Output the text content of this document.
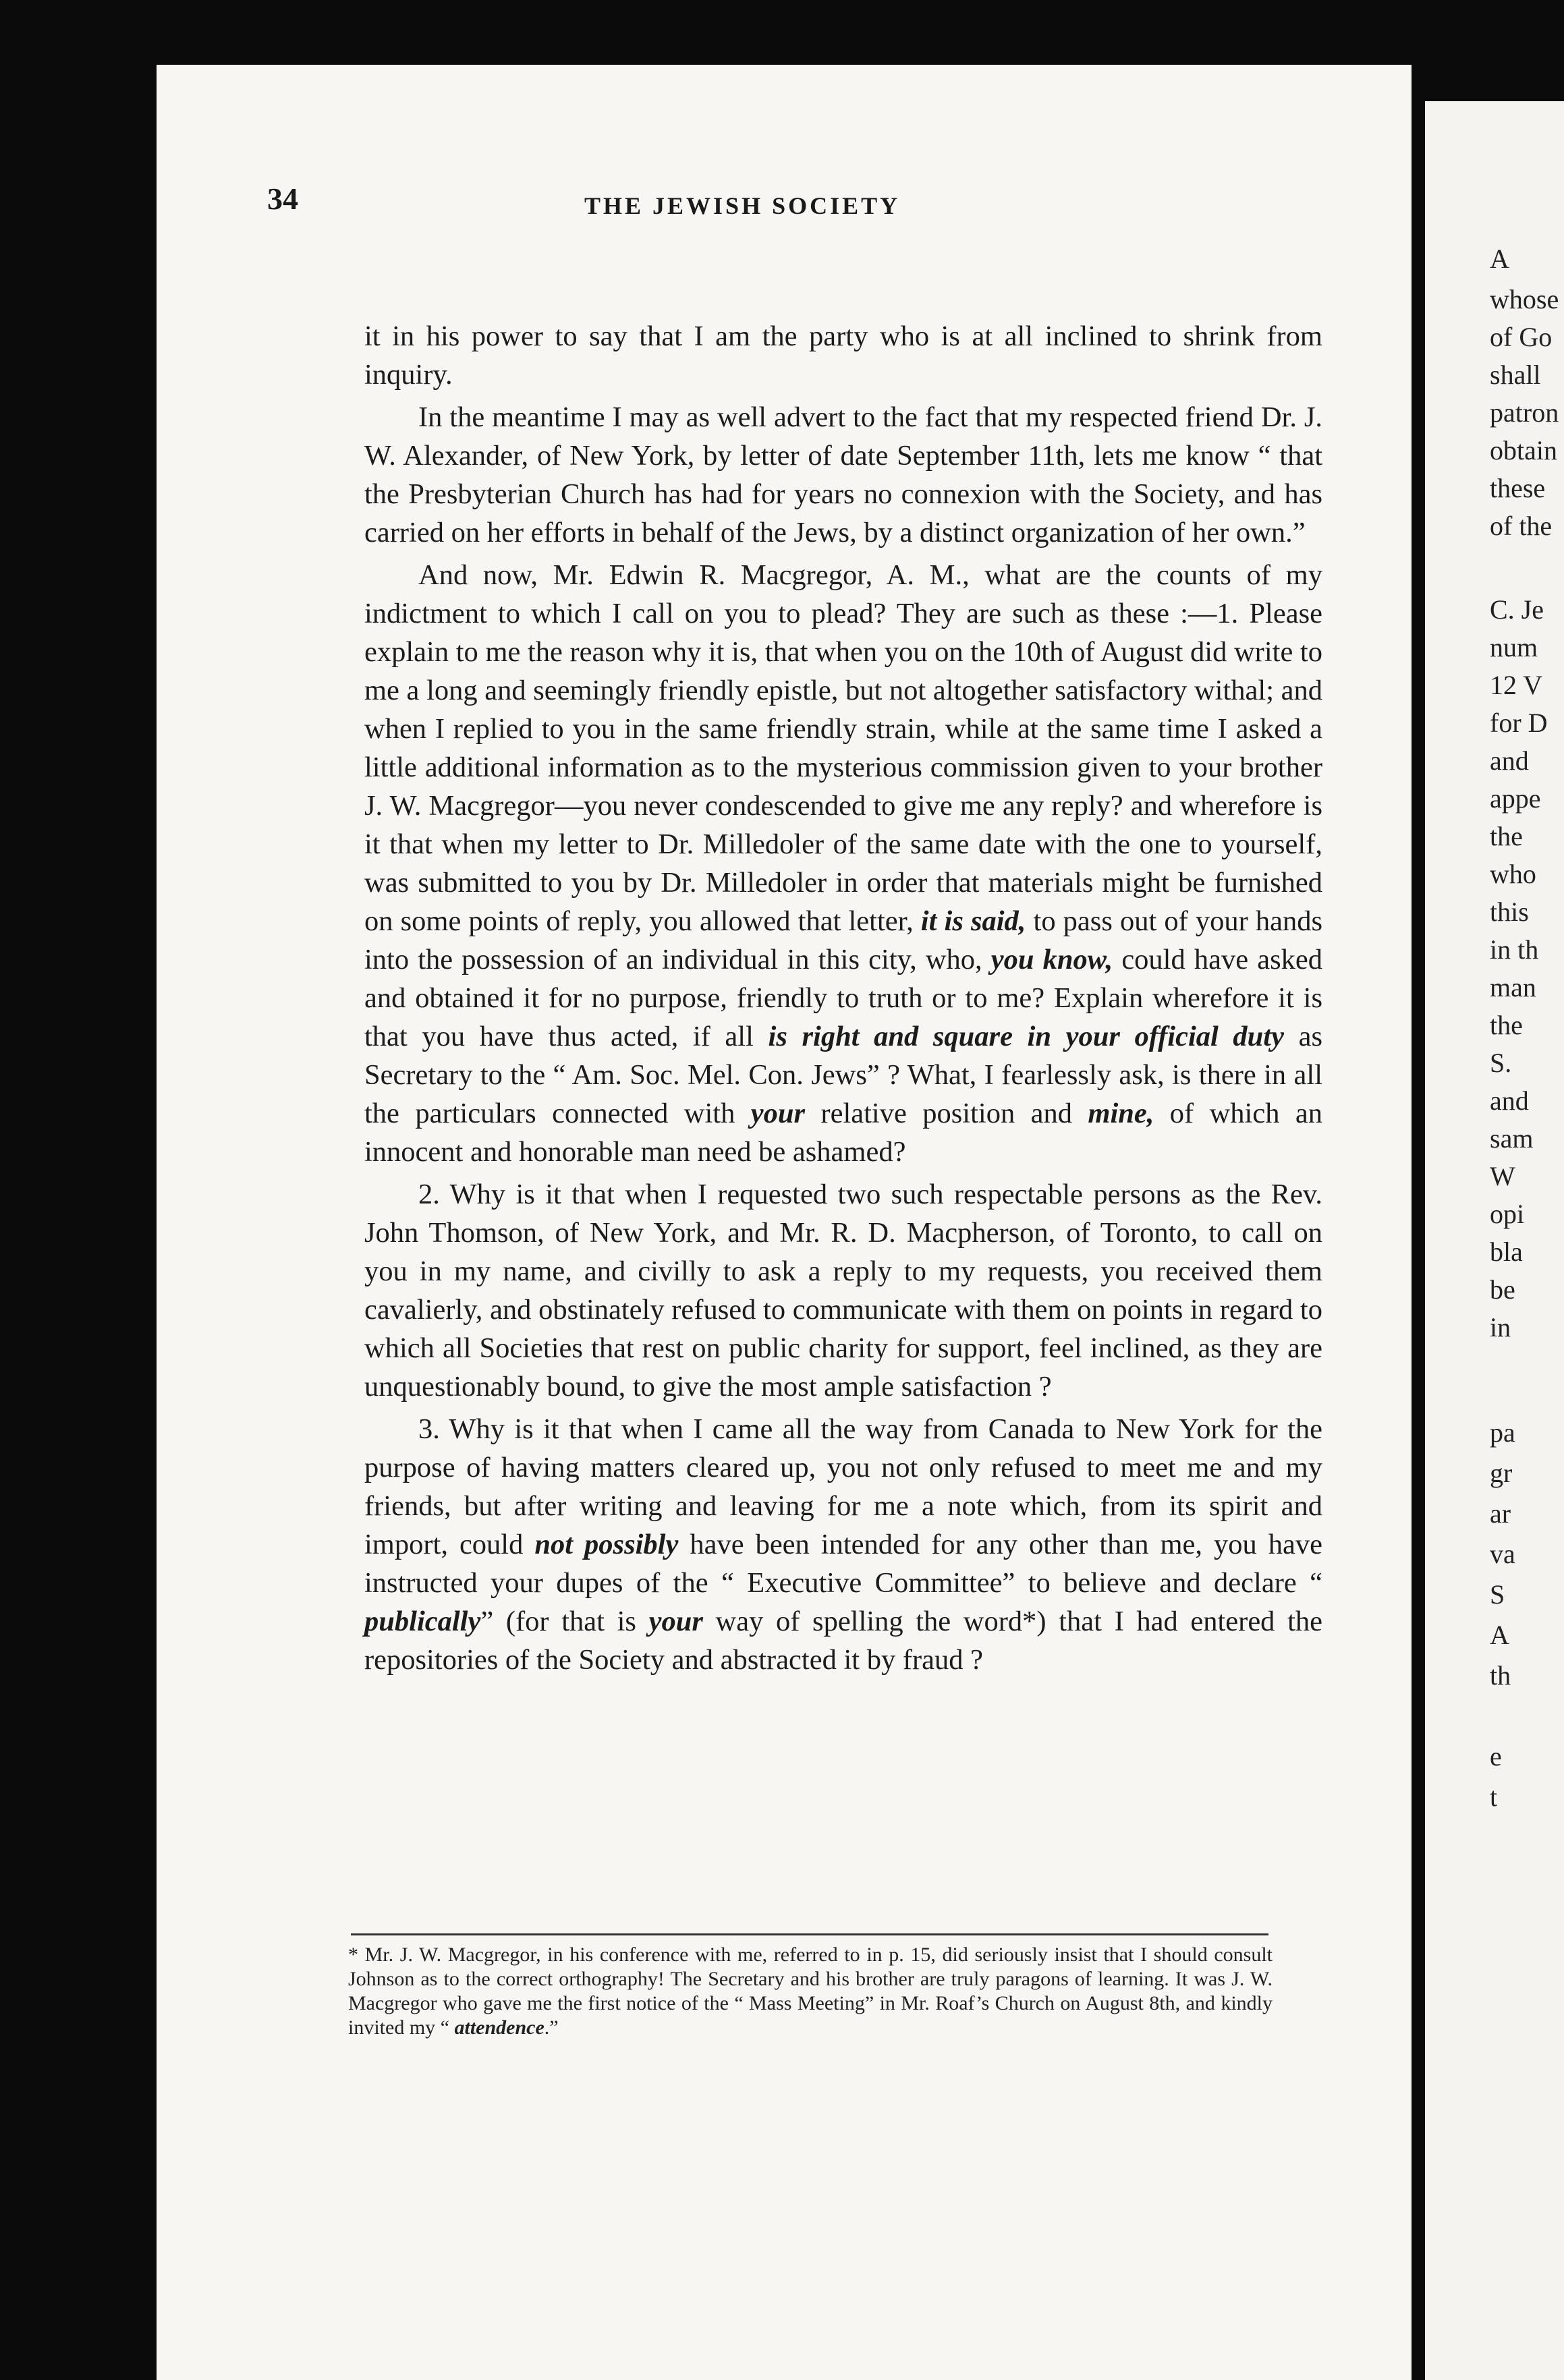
34	THE JEWISH SOCIETY

it in his power to say that I am the party who is at all inclined to shrink from inquiry.

In the meantime I may as well advert to the fact that my respected friend Dr. J. W. Alexander, of New York, by letter of date September 11th, lets me know “ that the Presbyterian Church has had for years no connexion with the Society, and has carried on her efforts in behalf of the Jews, by a distinct organization of her own.”

And now, Mr. Edwin R. Macgregor, A. M., what are the counts of my indictment to which I call on you to plead? They are such as these :—1. Please explain to me the reason why it is, that when you on the 10th of August did write to me a long and seemingly friendly epistle, but not altogether satisfactory withal; and when I replied to you in the same friendly strain, while at the same time I asked a little additional information as to the mysterious commission given to your brother J. W. Macgregor—you never condescended to give me any reply? and wherefore is it that when my letter to Dr. Milledoler of the same date with the one to yourself, was submitted to you by Dr. Milledoler in order that materials might be furnished on some points of reply, you allowed that letter, it is said, to pass out of your hands into the possession of an individual in this city, who, you know, could have asked and obtained it for no purpose, friendly to truth or to me? Explain wherefore it is that you have thus acted, if all is right and square in your official duty as Secretary to the “ Am. Soc. Mel. Con. Jews” ? What, I fearlessly ask, is there in all the particulars connected with your relative position and mine, of which an innocent and honorable man need be ashamed?

2. Why is it that when I requested two such respectable persons as the Rev. John Thomson, of New York, and Mr. R. D. Macpherson, of Toronto, to call on you in my name, and civilly to ask a reply to my requests, you received them cavalierly, and obstinately refused to communicate with them on points in regard to which all Societies that rest on public charity for support, feel inclined, as they are unquestionably bound, to give the most ample satisfaction ?

3. Why is it that when I came all the way from Canada to New York for the purpose of having matters cleared up, you not only refused to meet me and my friends, but after writing and leaving for me a note which, from its spirit and import, could not possibly have been intended for any other than me, you have instructed your dupes of the “ Executive Committee” to believe and declare “ publically” (for that is your way of spelling the word*) that I had entered the repositories of the Society and abstracted it by fraud ?

* Mr. J. W. Macgregor, in his conference with me, referred to in p. 15, did seriously insist that I should consult Johnson as to the correct orthography! The Secretary and his brother are truly paragons of learning. It was J. W. Macgregor who gave me the first notice of the “ Mass Meeting” in Mr. Roaf’s Church on August 8th, and kindly invited my “ attendence.”
A
whose
of Go
shall
patron
obtain
these
of the
C. Je
num
12 V
for D
and
appe
the
who
this
in th
man
the
S.
and
sam
W
opi
bla
be
in
pa
gr
ar
va
S
A
th
e
t
